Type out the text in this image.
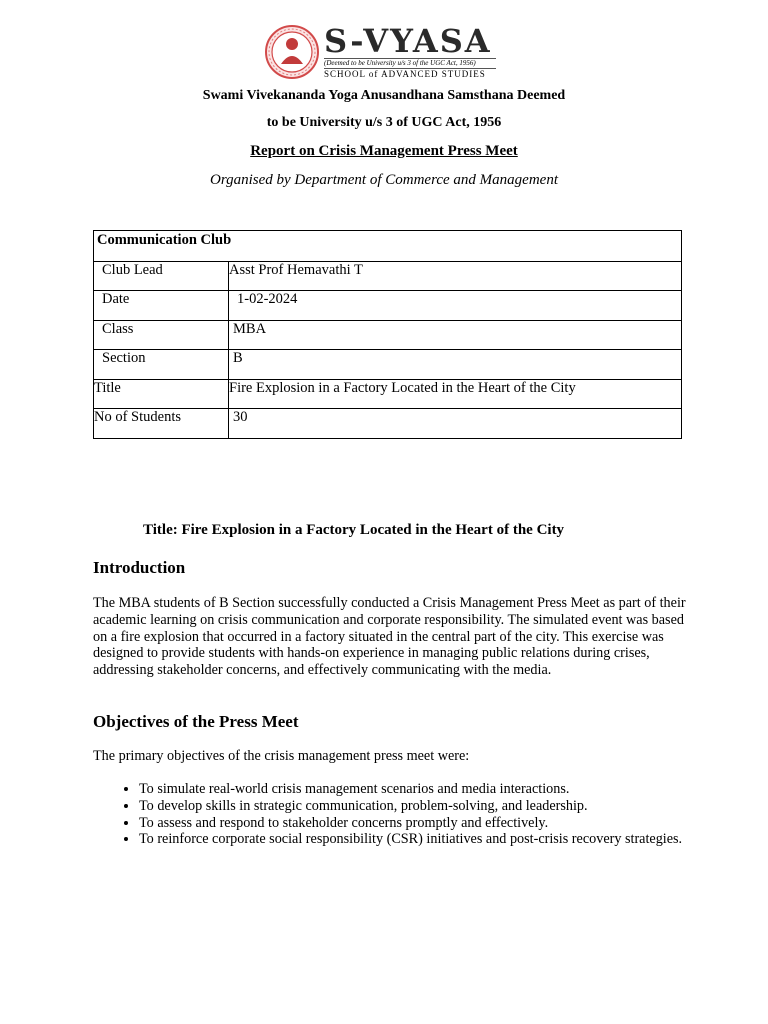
S-VYASA
(Deemed to be University u/s 3 of the UGC Act, 1956)
SCHOOL of ADVANCED STUDIES
Swami Vivekananda Yoga Anusandhana Samsthana Deemed
to be University u/s 3 of UGC Act, 1956
Report on Crisis Management Press Meet
Organised by Department of Commerce and Management
Communication Club	
Club Lead	Asst Prof Hemavathi T
Date	1-02-2024
Class	MBA
Section	B
Title	Fire Explosion in a Factory Located in the Heart of the City
No of Students	30
Title: Fire Explosion in a Factory Located in the Heart of the City
Introduction

The MBA students of B Section successfully conducted a Crisis Management Press Meet as part of their academic learning on crisis communication and corporate responsibility. The simulated event was based on a fire explosion that occurred in a factory situated in the central part of the city. This exercise was designed to provide students with hands-on experience in managing public relations during crises, addressing stakeholder concerns, and effectively communicating with the media.

Objectives of the Press Meet

The primary objectives of the crisis management press meet were:

• To simulate real-world crisis management scenarios and media interactions.
• To develop skills in strategic communication, problem-solving, and leadership.
• To assess and respond to stakeholder concerns promptly and effectively.
• To reinforce corporate social responsibility (CSR) initiatives and post-crisis recovery strategies.
